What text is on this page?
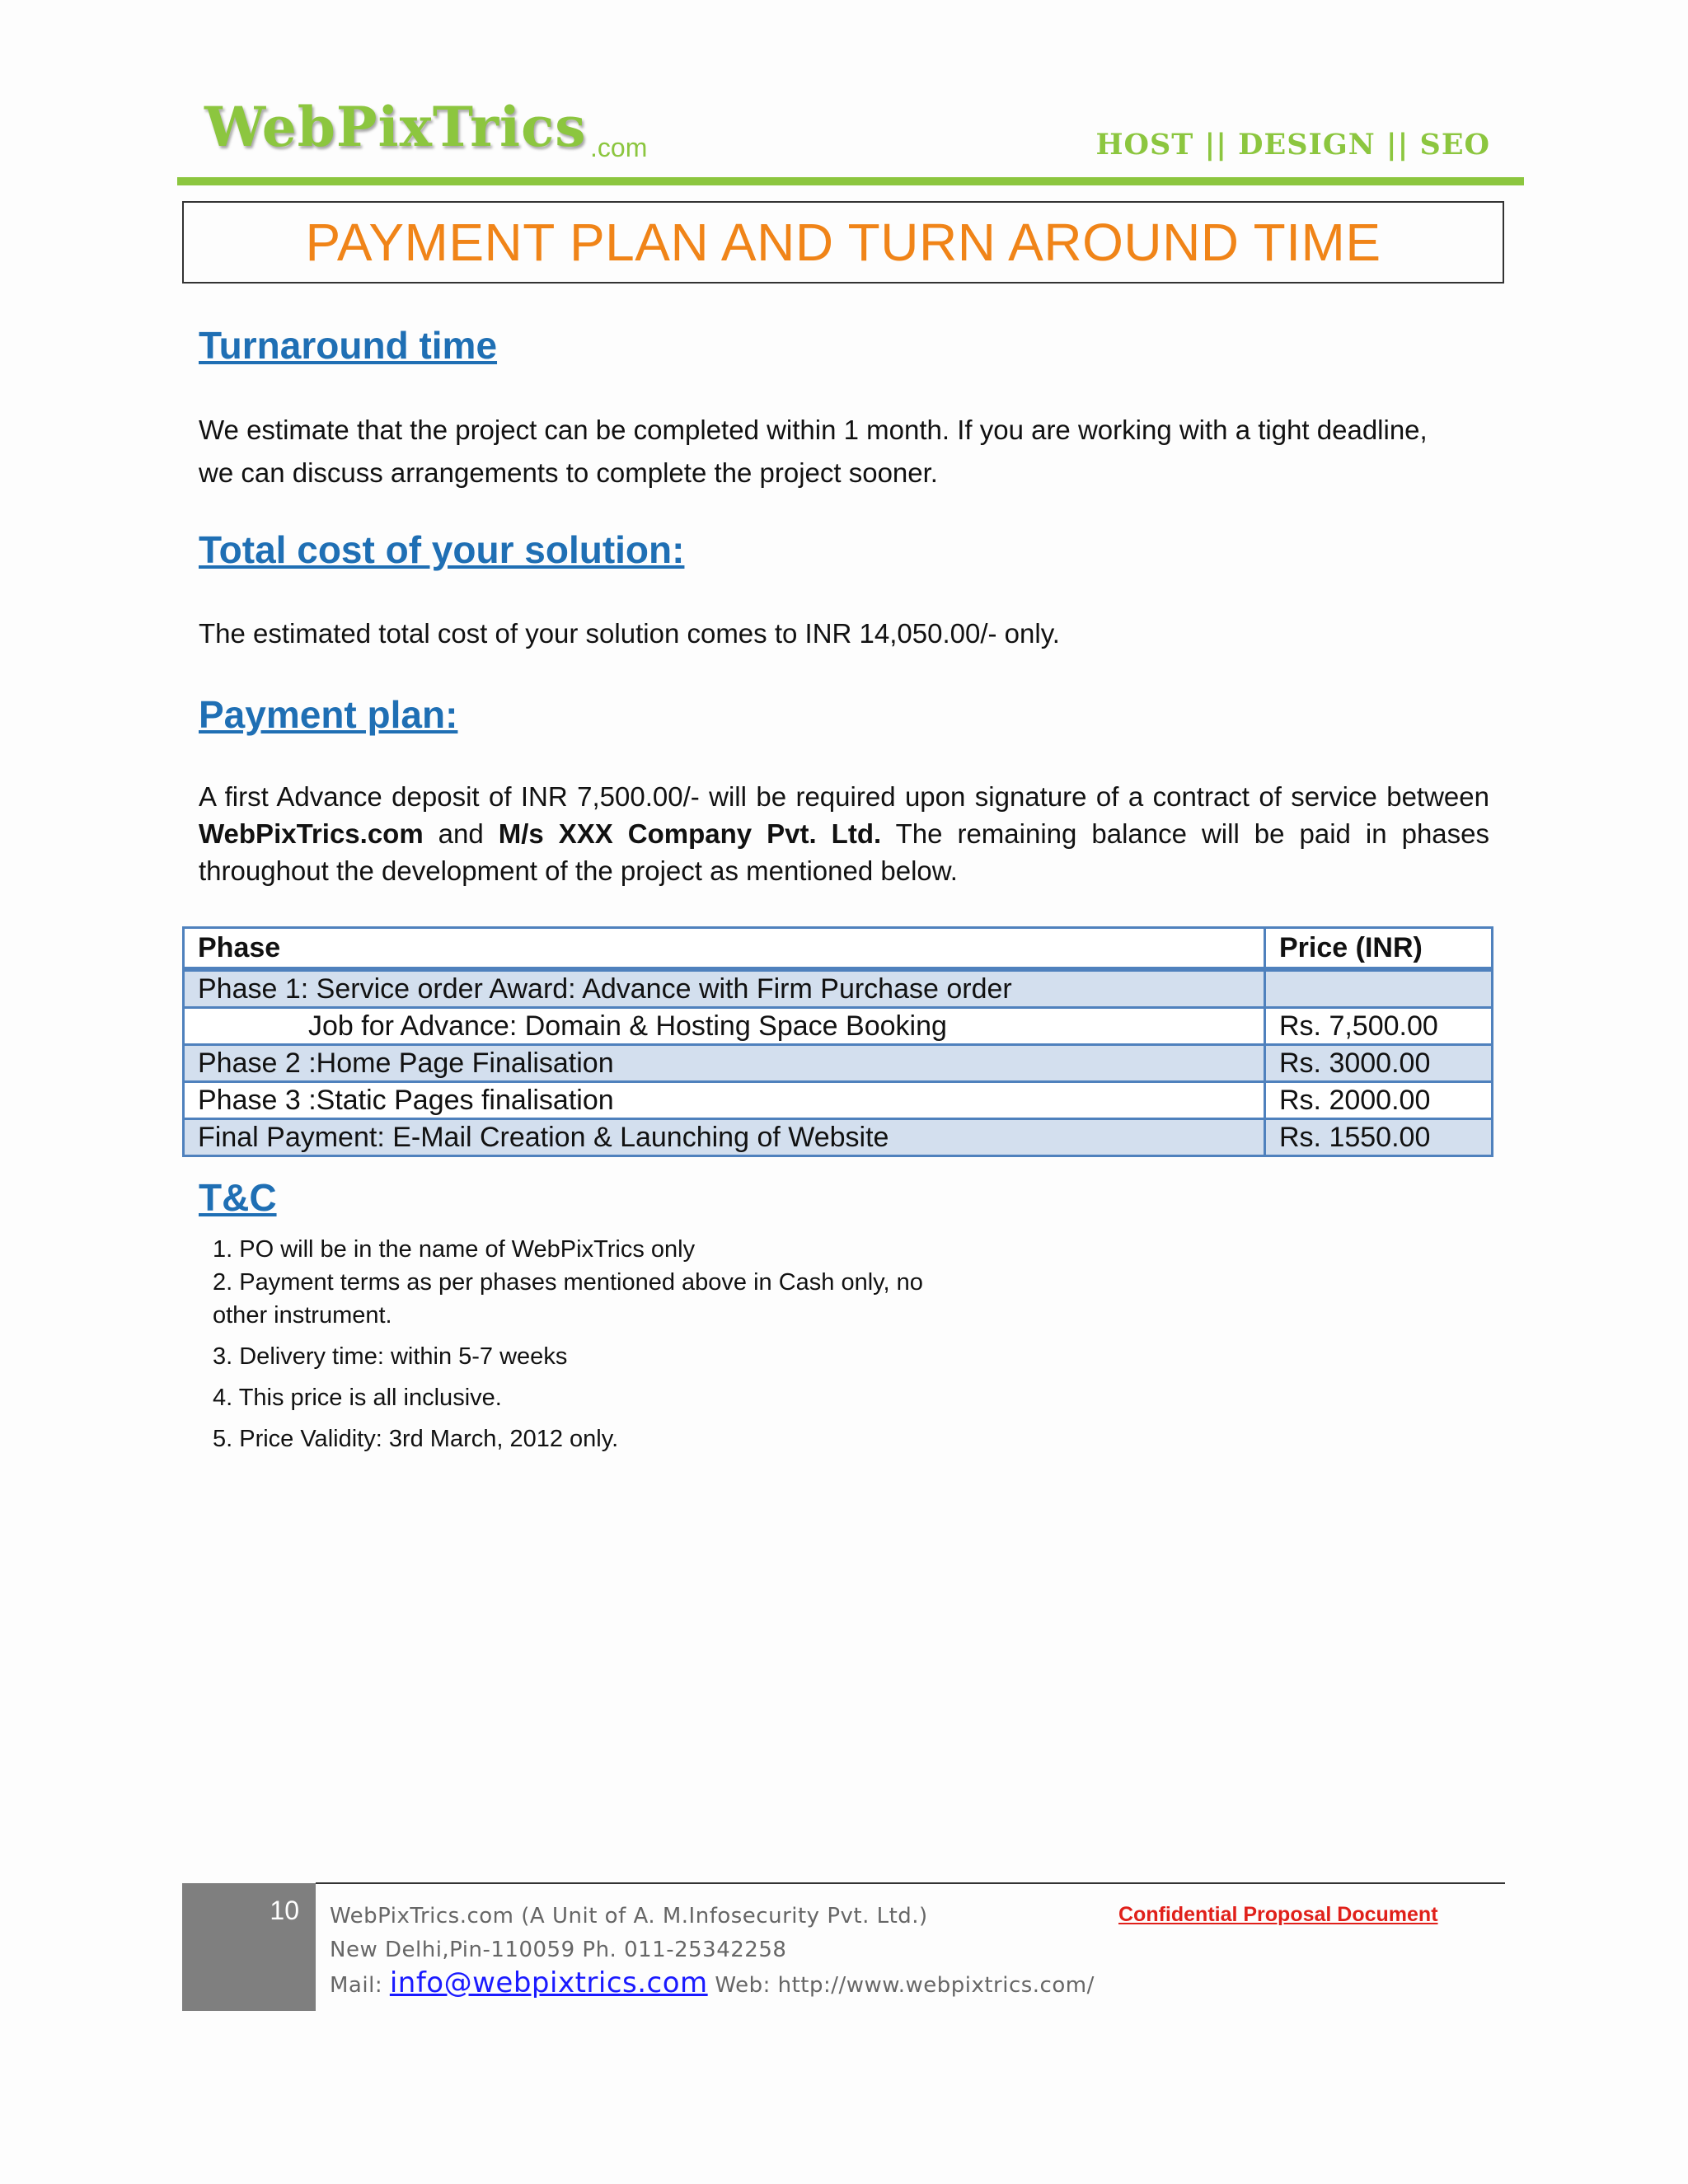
WebPixTrics .com	HOST || DESIGN || SEO
PAYMENT PLAN AND TURN AROUND TIME
Turnaround time
We estimate that the project can be completed within 1 month. If you are working with a tight deadline,
we can discuss arrangements to complete the project sooner.
Total cost of your solution:
The estimated total cost of your solution comes to INR 14,050.00/- only.
Payment plan:
A first Advance deposit of INR 7,500.00/- will be required upon signature of a contract of service between WebPixTrics.com and M/s XXX Company Pvt. Ltd. The remaining balance will be paid in phases throughout the development of the project as mentioned below.
Phase	Price (INR)
Phase 1: Service order Award: Advance with Firm Purchase order	
Job for Advance: Domain & Hosting Space Booking	Rs. 7,500.00
Phase 2 :Home Page Finalisation	Rs. 3000.00
Phase 3 :Static Pages finalisation	Rs. 2000.00
Final Payment: E-Mail Creation & Launching of Website	Rs. 1550.00
T&C
1. PO will be in the name of WebPixTrics only
2. Payment terms as per phases mentioned above in Cash only, no
other instrument.
3. Delivery time: within 5-7 weeks
4. This price is all inclusive.
5. Price Validity: 3rd March, 2012 only.
10 WebPixTrics.com (A Unit of A. M.Infosecurity Pvt. Ltd.)
New Delhi,Pin-110059 Ph. 011-25342258
Mail: info@webpixtrics.com Web: http://www.webpixtrics.com/
Confidential Proposal Document
